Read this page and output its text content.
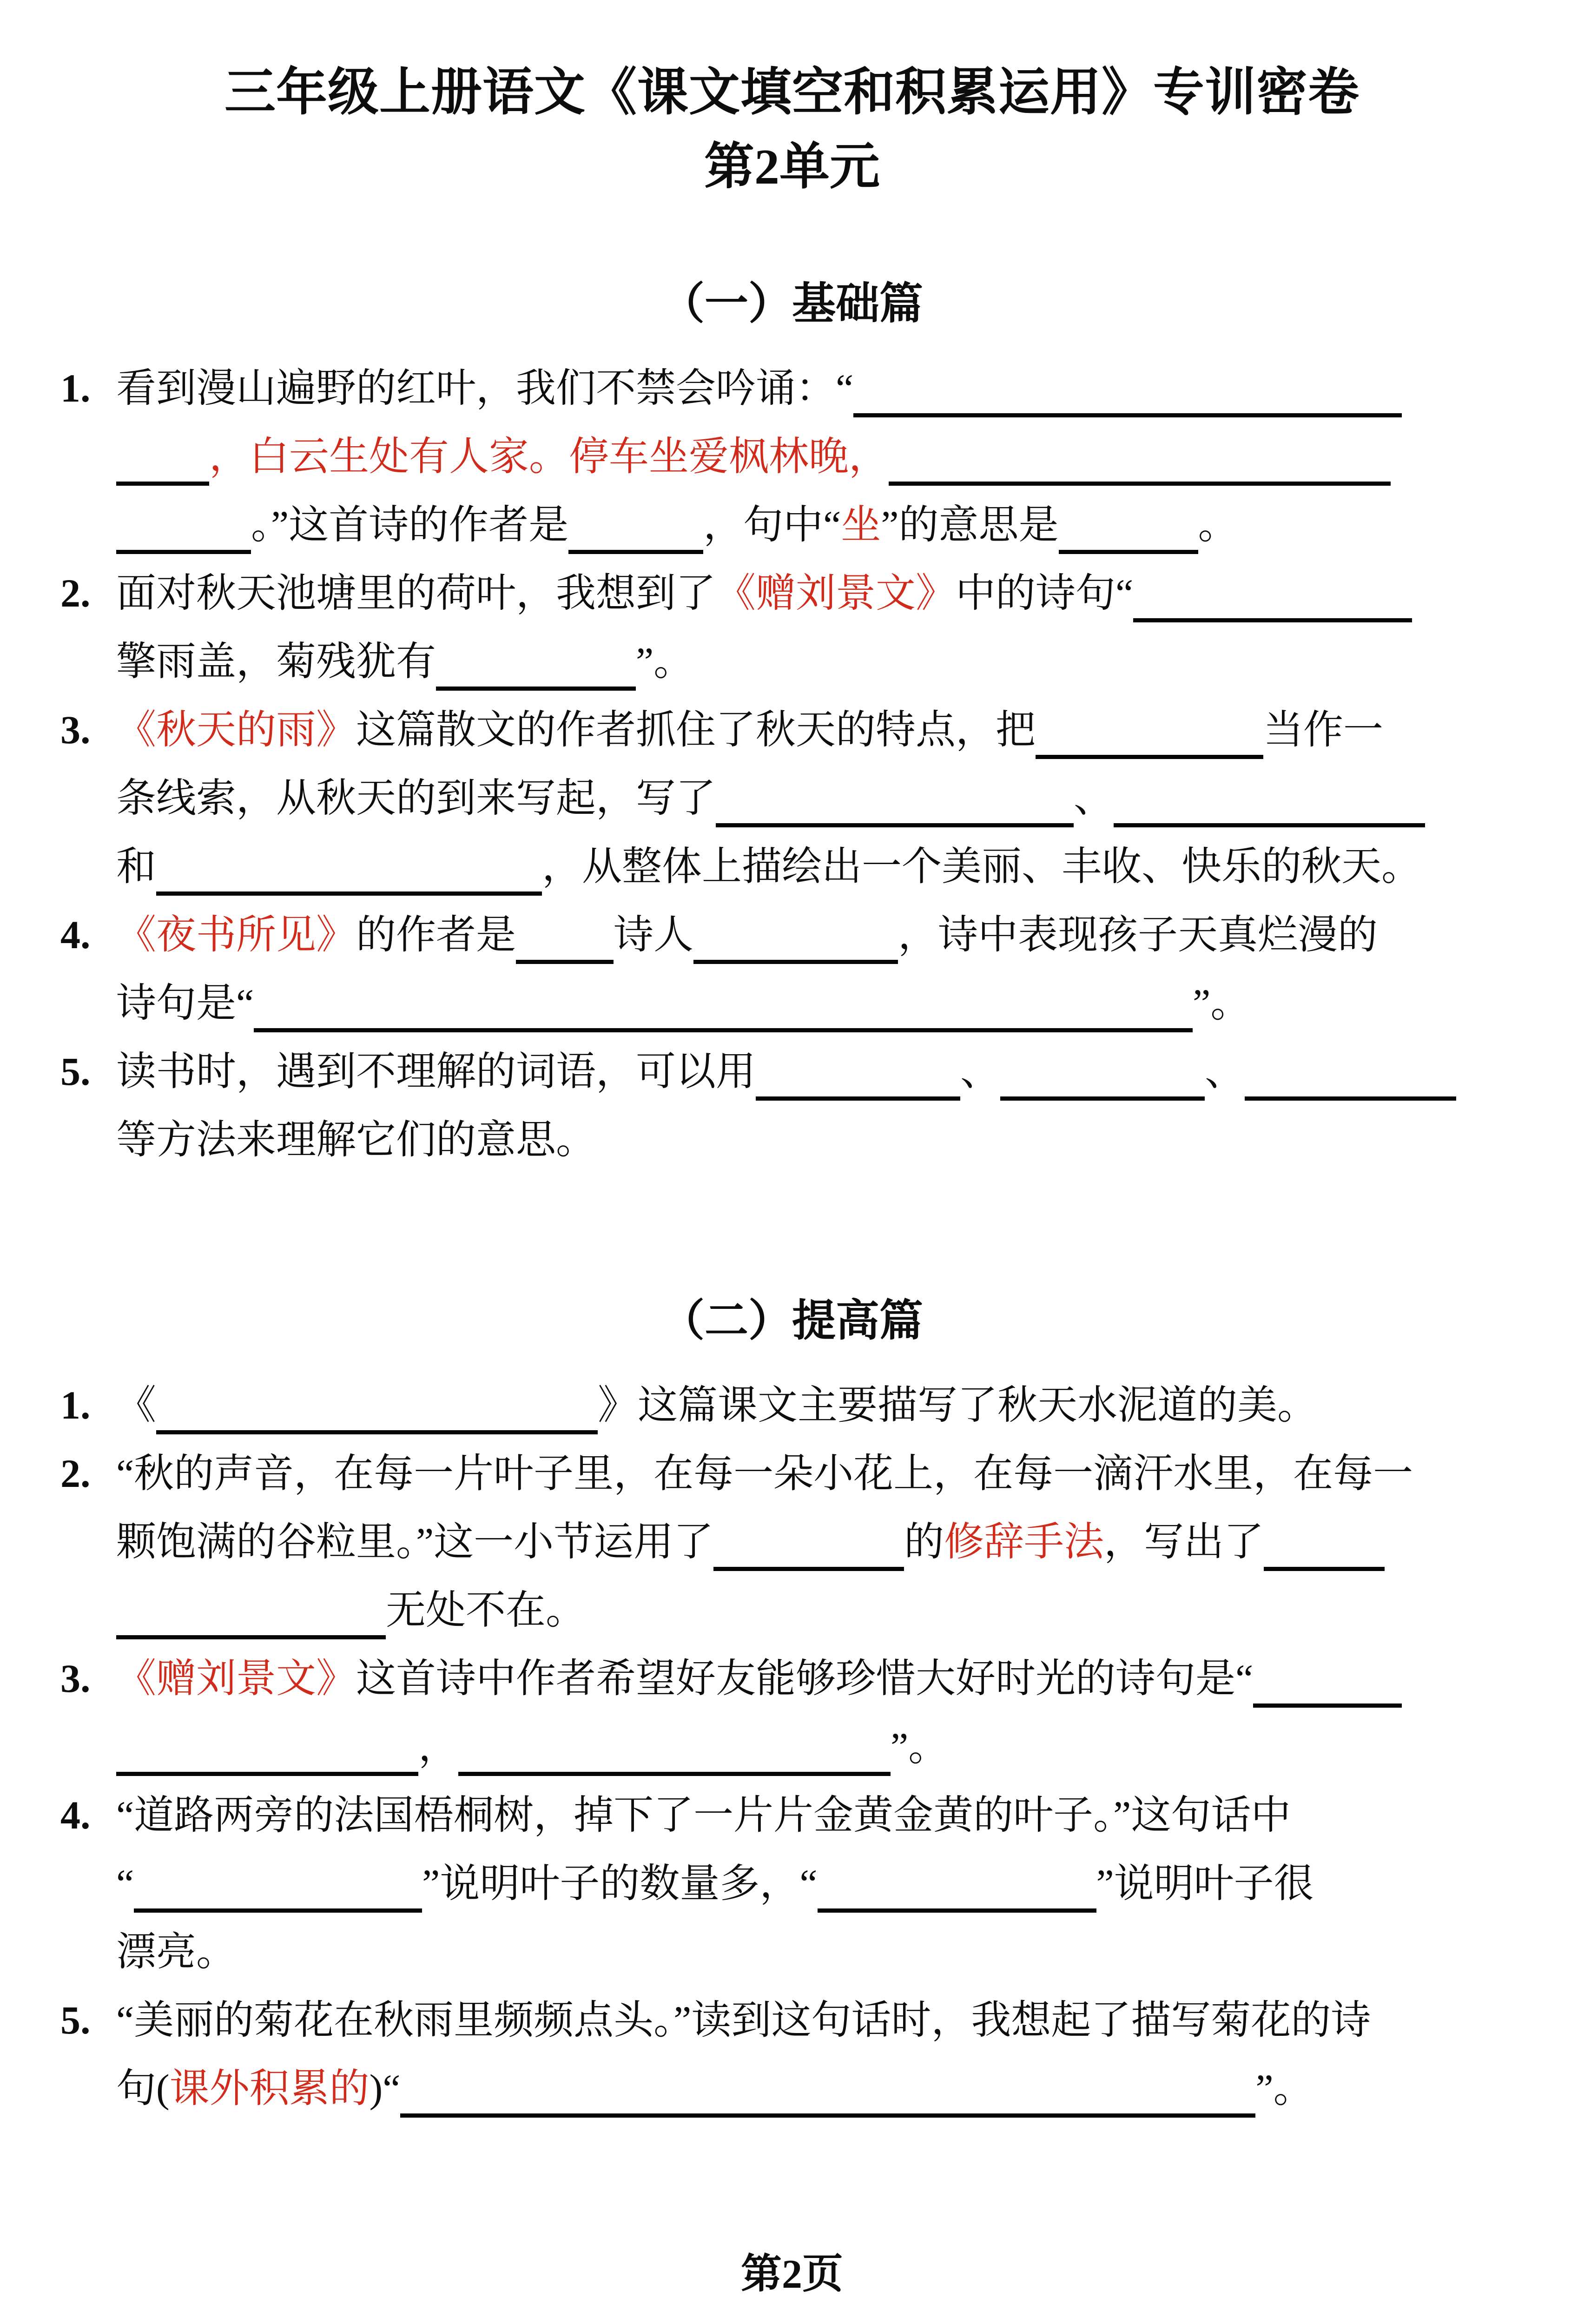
三年级上册语文《课文填空和积累运用》专训密卷
第2单元
（一）基础篇
1. 看到漫山遍野的红叶，我们不禁会吟诵：“
，白云生处有人家。停车坐爱枫林晚，
。”这首诗的作者是	，句中“坐”的意思是	。
2. 面对秋天池塘里的荷叶，我想到了《赠刘景文》中的诗句“
擎雨盖，菊残犹有	”。
3. 《秋天的雨》这篇散文的作者抓住了秋天的特点，把	当作一
条线索，从秋天的到来写起，写了	、
和	，从整体上描绘出一个美丽、丰收、快乐的秋天。
4. 《夜书所见》的作者是 诗人	，诗中表现孩子天真烂漫的
诗句是“	”。
5. 读书时，遇到不理解的词语，可以用	、	、
等方法来理解它们的意思。
（二）提高篇
1. 《	》这篇课文主要描写了秋天水泥道的美。
2. “秋的声音，在每一片叶子里，在每一朵小花上，在每一滴汗水里，在每一
颗饱满的谷粒里。”这一小节运用了	的修辞手法，写出了
无处不在。
3. 《赠刘景文》这首诗中作者希望好友能够珍惜大好时光的诗句是“
，	”。
4. “道路两旁的法国梧桐树，掉下了一片片金黄金黄的叶子。”这句话中
“	”说明叶子的数量多，“	”说明叶子很
漂亮。
5. “美丽的菊花在秋雨里频频点头。”读到这句话时，我想起了描写菊花的诗
句(课外积累的)“	”。
第2页
